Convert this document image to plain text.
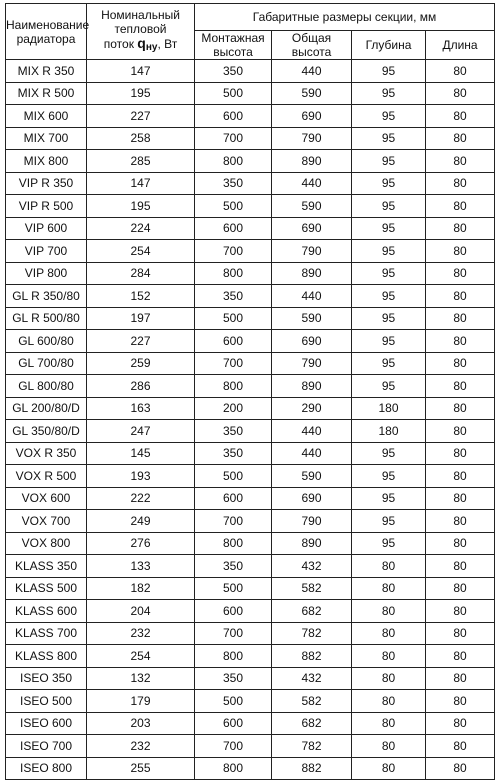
Наименование радиатора	Номинальный
тепловой
поток qну, Вт	Габаритные размеры секции, мм			
		Монтажная высота	Общая высота	Глубина	Длина
MIX R 350	147	350	440	95	80
MIX R 500	195	500	590	95	80
MIX 600	227	600	690	95	80
MIX 700	258	700	790	95	80
MIX 800	285	800	890	95	80
VIP R 350	147	350	440	95	80
VIP R 500	195	500	590	95	80
VIP 600	224	600	690	95	80
VIP 700	254	700	790	95	80
VIP 800	284	800	890	95	80
GL R 350/80	152	350	440	95	80
GL R 500/80	197	500	590	95	80
GL 600/80	227	600	690	95	80
GL 700/80	259	700	790	95	80
GL 800/80	286	800	890	95	80
GL 200/80/D	163	200	290	180	80
GL 350/80/D	247	350	440	180	80
VOX R 350	145	350	440	95	80
VOX R 500	193	500	590	95	80
VOX 600	222	600	690	95	80
VOX 700	249	700	790	95	80
VOX 800	276	800	890	95	80
KLASS 350	133	350	432	80	80
KLASS 500	182	500	582	80	80
KLASS 600	204	600	682	80	80
KLASS 700	232	700	782	80	80
KLASS 800	254	800	882	80	80
ISEO 350	132	350	432	80	80
ISEO 500	179	500	582	80	80
ISEO 600	203	600	682	80	80
ISEO 700	232	700	782	80	80
ISEO 800	255	800	882	80	80
